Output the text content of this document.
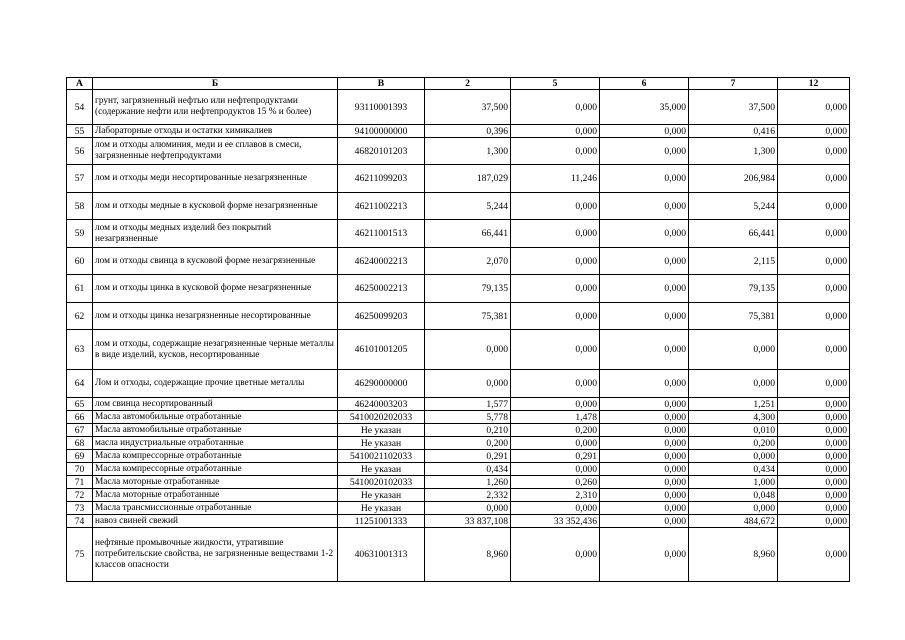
А	Б	В	2	5	6	7	12
54	грунт, загрязненный нефтью или нефтепродуктами (содержание нефти или нефтепродуктов 15 % и более)	93110001393	37,500	0,000	35,000	37,500	0,000
55	Лабораторные отходы и остатки химикалиев	94100000000	0,396	0,000	0,000	0,416	0,000
56	лом и отходы алюминия, меди и ее сплавов в смеси, загрязненные нефтепродуктами	46820101203	1,300	0,000	0,000	1,300	0,000
57	лом и отходы меди несортированные незагрязненные	46211099203	187,029	11,246	0,000	206,984	0,000
58	лом и отходы медные в кусковой форме незагрязненные	46211002213	5,244	0,000	0,000	5,244	0,000
59	лом и отходы медных изделий без покрытий незагрязненные	46211001513	66,441	0,000	0,000	66,441	0,000
60	лом и отходы свинца в кусковой форме незагрязненные	46240002213	2,070	0,000	0,000	2,115	0,000
61	лом и отходы цинка в кусковой форме незагрязненные	46250002213	79,135	0,000	0,000	79,135	0,000
62	лом и отходы цинка незагрязненные несортированные	46250099203	75,381	0,000	0,000	75,381	0,000
63	лом и отходы, содержащие незагрязненные черные металлы в виде изделий, кусков, несортированные	46101001205	0,000	0,000	0,000	0,000	0,000
64	Лом и отходы, содержащие прочие цветные металлы	46290000000	0,000	0,000	0,000	0,000	0,000
65	лом свинца несортированный	46240003203	1,577	0,000	0,000	1,251	0,000
66	Масла автомобильные отработанные	5410020202033	5,778	1,478	0,000	4,300	0,000
67	Масла автомобильные отработанные	Не указан	0,210	0,200	0,000	0,010	0,000
68	масла индустриальные отработанные	Не указан	0,200	0,000	0,000	0,200	0,000
69	Масла компрессорные отработанные	5410021102033	0,291	0,291	0,000	0,000	0,000
70	Масла компрессорные отработанные	Не указан	0,434	0,000	0,000	0,434	0,000
71	Масла моторные отработанные	5410020102033	1,260	0,260	0,000	1,000	0,000
72	Масла моторные отработанные	Не указан	2,332	2,310	0,000	0,048	0,000
73	Масла трансмиссионные отработанные	Не указан	0,000	0,000	0,000	0,000	0,000
74	навоз свиней свежий	11251001333	33 837,108	33 352,436	0,000	484,672	0,000
75	нефтяные промывочные жидкости, утратившие потребительские свойства, не загрязненные веществами 1-2 классов опасности	40631001313	8,960	0,000	0,000	8,960	0,000
